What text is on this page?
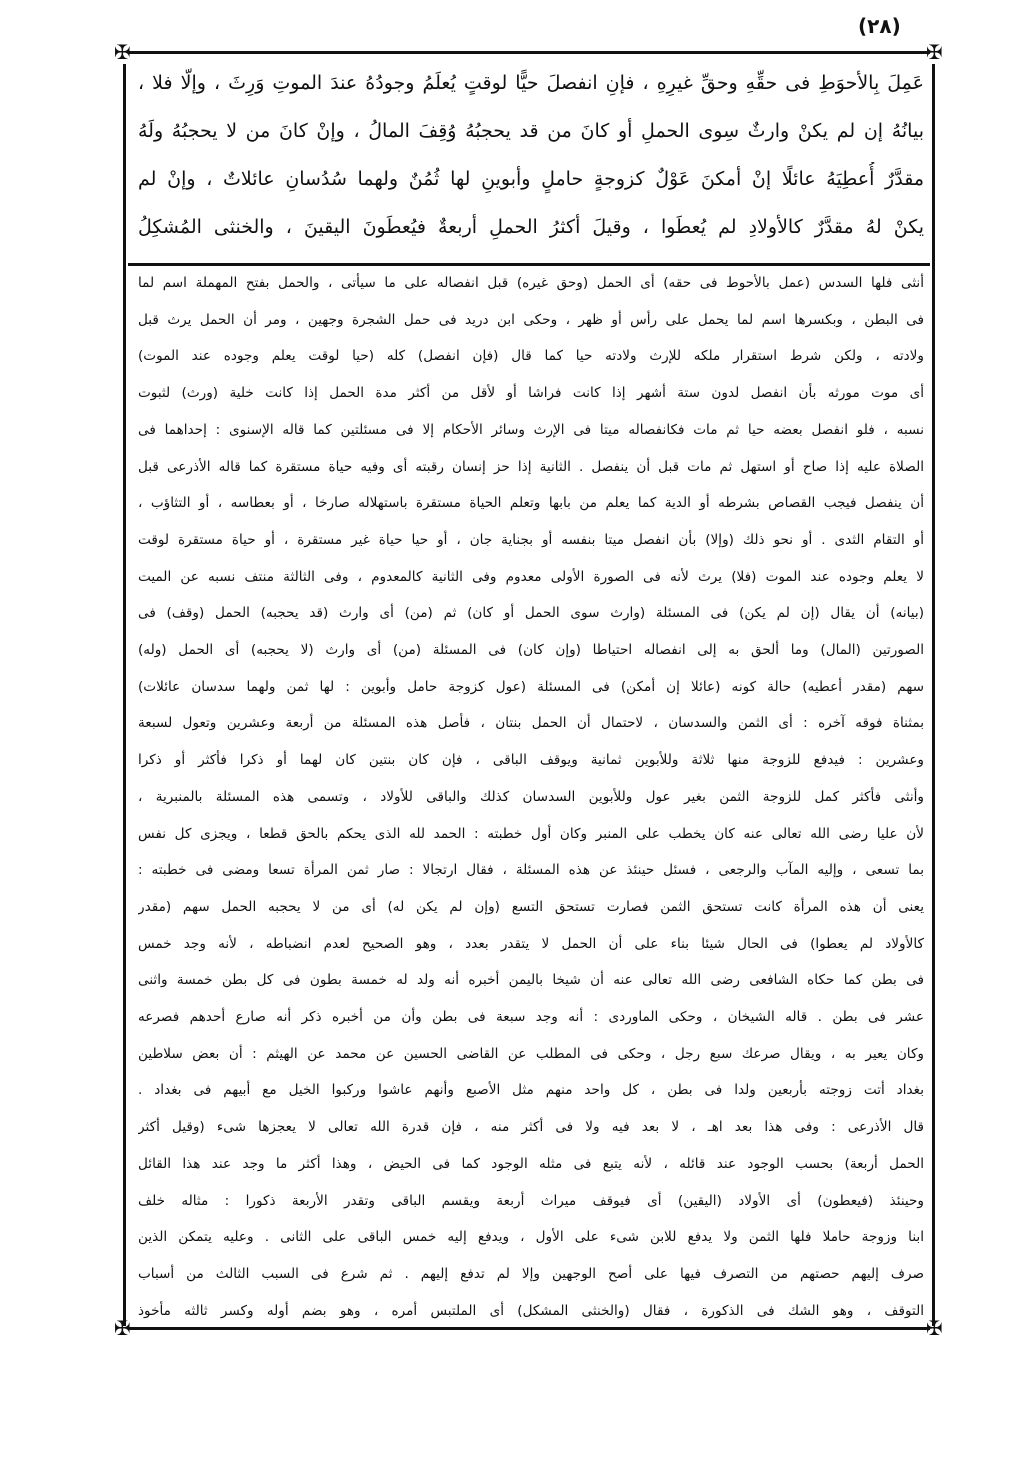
(٢٨)
✠	✠
✠	✠
عَمِلَ بِالأحوَطِ فى حقِّهِ وحقِّ غيرِهِ ، فإنِ انفصلَ حيًّا لوقتٍ يُعلَمُ وجودُهُ عندَ الموتِ وَرِثَ ، وإلّا فلا ،
بيانُهُ إن لم يكنْ وارثٌ سِوى الحملِ أو كانَ من قد يحجبُهُ وُقِفَ المالُ ، وإنْ كانَ من لا يحجبُهُ ولَهُ
مقدَّرٌ أُعطِيَهُ عائلًا إنْ أمكنَ عَوْلٌ كزوجةٍ حاملٍ وأبوينِ لها ثُمُنٌ ولهما سُدُسانِ عائلاتٌ ، وإنْ لم
يكنْ لهُ مقدَّرٌ كالأولادِ لم يُعطَوا ، وقيلَ أكثرُ الحملِ أربعةٌ فيُعطَونَ اليقينَ ، والخنثى المُشكِلُ
أنثى فلها السدس (عمل بالأحوط فى حقه) أى الحمل (وحق غيره) قبل انفصاله على ما سيأتى ، والحمل بفتح المهملة اسم لما
فى البطن ، وبكسرها اسم لما يحمل على رأس أو ظهر ، وحكى ابن دريد فى حمل الشجرة وجهين ، ومر أن الحمل يرث قبل
ولادته ، ولكن شرط استقرار ملكه للإرث ولادته حيا كما قال (فإن انفصل) كله (حيا لوقت يعلم وجوده عند الموت)
أى موت مورثه بأن انفصل لدون ستة أشهر إذا كانت فراشا أو لأقل من أكثر مدة الحمل إذا كانت خلية (ورث) لثبوت
نسبه ، فلو انفصل بعضه حيا ثم مات فكانفصاله ميتا فى الإرث وسائر الأحكام إلا فى مسئلتين كما قاله الإسنوى : إحداهما فى
الصلاة عليه إذا صاح أو استهل ثم مات قبل أن ينفصل . الثانية إذا حز إنسان رقبته أى وفيه حياة مستقرة كما قاله الأذرعى قبل
أن ينفصل فيجب القصاص بشرطه أو الدية كما يعلم من بابها وتعلم الحياة مستقرة باستهلاله صارخا ، أو بعطاسه ، أو التثاؤب ،
أو التقام الثدى . أو نحو ذلك (وإلا) بأن انفصل ميتا بنفسه أو بجناية جان ، أو حيا حياة غير مستقرة ، أو حياة مستقرة لوقت
لا يعلم وجوده عند الموت (فلا) يرث لأنه فى الصورة الأولى معدوم وفى الثانية كالمعدوم ، وفى الثالثة منتف نسبه عن الميت
(بيانه) أن يقال (إن لم يكن) فى المسئلة (وارث سوى الحمل أو كان) ثم (من) أى وارث (قد يحجبه) الحمل (وقف) فى
الصورتين (المال) وما ألحق به إلى انفصاله احتياطا (وإن كان) فى المسئلة (من) أى وارث (لا يحجبه) أى الحمل (وله)
سهم (مقدر أعطيه) حالة كونه (عائلا إن أمكن) فى المسئلة (عول كزوجة حامل وأبوين : لها ثمن ولهما سدسان عائلات)
بمثناة فوقه آخره : أى الثمن والسدسان ، لاحتمال أن الحمل بنتان ، فأصل هذه المسئلة من أربعة وعشرين وتعول لسبعة
وعشرين : فيدفع للزوجة منها ثلاثة وللأبوين ثمانية ويوقف الباقى ، فإن كان بنتين كان لهما أو ذكرا فأكثر أو ذكرا
وأنثى فأكثر كمل للزوجة الثمن بغير عول وللأبوين السدسان كذلك والباقى للأولاد ، وتسمى هذه المسئلة بالمنبرية ،
لأن عليا رضى الله تعالى عنه كان يخطب على المنبر وكان أول خطبته : الحمد لله الذى يحكم بالحق قطعا ، ويجزى كل نفس
بما تسعى ، وإليه المآب والرجعى ، فسئل حينئذ عن هذه المسئلة ، فقال ارتجالا : صار ثمن المرأة تسعا ومضى فى خطبته :
يعنى أن هذه المرأة كانت تستحق الثمن فصارت تستحق التسع (وإن لم يكن له) أى من لا يحجبه الحمل سهم (مقدر
كالأولاد لم يعطوا) فى الحال شيئا بناء على أن الحمل لا يتقدر بعدد ، وهو الصحيح لعدم انضباطه ، لأنه وجد خمس
فى بطن كما حكاه الشافعى رضى الله تعالى عنه أن شيخا باليمن أخبره أنه ولد له خمسة بطون فى كل بطن خمسة واثنى
عشر فى بطن . قاله الشيخان ، وحكى الماوردى : أنه وجد سبعة فى بطن وأن من أخبره ذكر أنه صارع أحدهم فصرعه
وكان يعير به ، ويقال صرعك سبع رجل ، وحكى فى المطلب عن القاضى الحسين عن محمد عن الهيثم : أن بعض سلاطين
بغداد أتت زوجته بأربعين ولدا فى بطن ، كل واحد منهم مثل الأصبع وأنهم عاشوا وركبوا الخيل مع أبيهم فى بغداد .
قال الأذرعى : وفى هذا بعد اهـ ، لا بعد فيه ولا فى أكثر منه ، فإن قدرة الله تعالى لا يعجزها شىء (وقيل أكثر
الحمل أربعة) بحسب الوجود عند قائله ، لأنه يتبع فى مثله الوجود كما فى الحيض ، وهذا أكثر ما وجد عند هذا القائل
وحينئذ (فيعطون) أى الأولاد (اليقين) أى فيوقف ميراث أربعة ويقسم الباقى وتقدر الأربعة ذكورا : مثاله خلف
ابنا وزوجة حاملا فلها الثمن ولا يدفع للابن شىء على الأول ، ويدفع إليه خمس الباقى على الثانى . وعليه يتمكن الذين
صرف إليهم حصتهم من التصرف فيها على أصح الوجهين وإلا لم تدفع إليهم . ثم شرع فى السبب الثالث من أسباب
التوقف ، وهو الشك فى الذكورة ، فقال (والخنثى المشكل) أى الملتبس أمره ، وهو بضم أوله وكسر ثالثه مأخوذ
